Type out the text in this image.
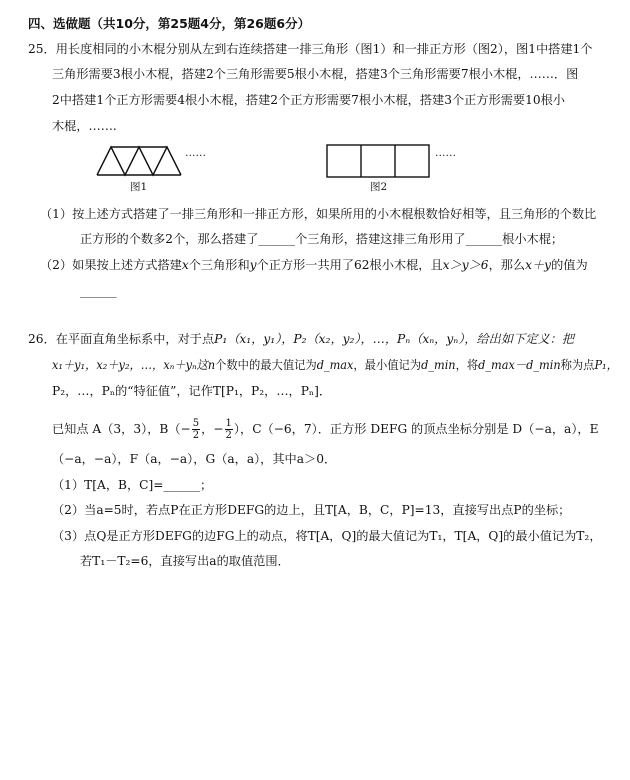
四、选做题（共10分，第25题4分，第26题6分）
25．用长度相同的小木棍分别从左到右连续搭建一排三角形（图1）和一排正方形（图2），图1中搭建1个
三角形需要3根小木棍，搭建2个三角形需要5根小木棍，搭建3个三角形需要7根小木棍，……．图
2中搭建1个正方形需要4根小木棍，搭建2个正方形需要7根小木棍，搭建3个正方形需要10根小
木棍，…….
……
图1
……
图2
（1）按上述方式搭建了一排三角形和一排正方形，如果所用的小木棍根数恰好相等，且三角形的个数比
正方形的个数多2个，那么搭建了______个三角形，搭建这排三角形用了______根小木棍；
（2）如果按上述方式搭建x个三角形和y个正方形一共用了62根小木棍，且x＞y＞6，那么x＋y的值为
______
26．在平面直角坐标系中，对于点P₁（x₁，y₁），P₂（x₂，y₂），…，Pₙ（xₙ，yₙ），给出如下定义：把
x₁＋y₁，x₂＋y₂，…，xₙ＋yₙ这n个数中的最大值记为d_max，最小值记为d_min，将d_max－d_min称为点P₁，
P₂，…，Pₙ的“特征值”，记作T[P₁，P₂，…，Pₙ]．
已知点 A（3，3），$B(- \frac{5}{2}$ ，− $\frac{1}{2}$ ），C（−6，7）．正方形 DEFG 的顶点坐标分别是 D（−a，a），E
（−a，−a），F（a，−a），G（a，a），其中a＞0．
（1）T[A，B，C]=______；
（2）当a=5时，若点P在正方形DEFG的边上，且T[A，B，C，P]=13，直接写出点P的坐标；
（3）点Q是正方形DEFG的边FG上的动点，将T[A，Q]的最大值记为T₁，T[A，Q]的最小值记为T₂，
若T₁－T₂=6，直接写出a的取值范围．
